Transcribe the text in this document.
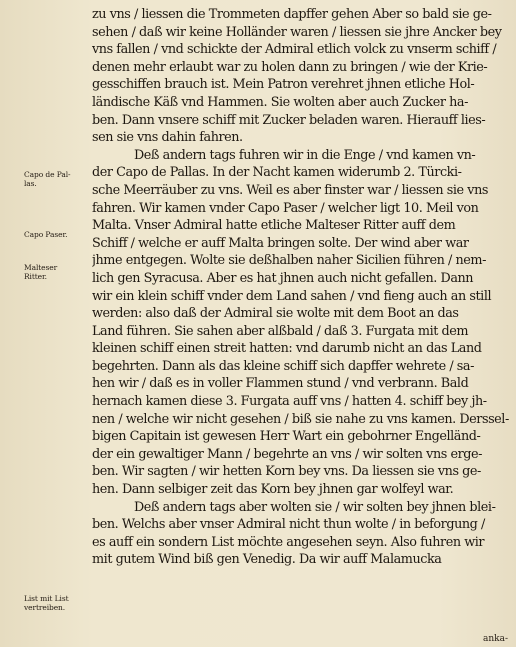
Capo de Pal-
las.
Capo Paser.
Malteser
Ritter.
List mit List
vertreiben.
zu vns / liessen die Trommeten dapffer gehen Aber so bald sie ge-
sehen / daß wir keine Holländer waren / liessen sie jhre Ancker bey
vns fallen / vnd schickte der Admiral etlich volck zu vnserm schiff /
denen mehr erlaubt war zu holen dann zu bringen / wie der Krie-
gesschiffen brauch ist. Mein Patron verehret jhnen etliche Hol-
ländische Käß vnd Hammen. Sie wolten aber auch Zucker ha-
ben. Dann vnsere schiff mit Zucker beladen waren. Hierauff lies-
sen sie vns dahin fahren.
Deß andern tags fuhren wir in die Enge / vnd kamen vn-
der Capo de Pallas. In der Nacht kamen widerumb 2. Türcki-
sche Meerräuber zu vns. Weil es aber finster war / liessen sie vns
fahren. Wir kamen vnder Capo Paser / welcher ligt 10. Meil von
Malta. Vnser Admiral hatte etliche Malteser Ritter auff dem
Schiff / welche er auff Malta bringen solte. Der wind aber war
jhme entgegen. Wolte sie deßhalben naher Sicilien führen / nem-
lich gen Syracusa. Aber es hat jhnen auch nicht gefallen. Dann
wir ein klein schiff vnder dem Land sahen / vnd fieng auch an still
werden: also daß der Admiral sie wolte mit dem Boot an das
Land führen. Sie sahen aber alßbald / daß 3. Furgata mit dem
kleinen schiff einen streit hatten: vnd darumb nicht an das Land
begehrten. Dann als das kleine schiff sich dapffer wehrete / sa-
hen wir / daß es in voller Flammen stund / vnd verbrann. Bald
hernach kamen diese 3. Furgata auff vns / hatten 4. schiff bey jh-
nen / welche wir nicht gesehen / biß sie nahe zu vns kamen. Derssel-
bigen Capitain ist gewesen Herr Wart ein gebohrner Engelländ-
der ein gewaltiger Mann / begehrte an vns / wir solten vns erge-
ben. Wir sagten / wir hetten Korn bey vns. Da liessen sie vns ge-
hen. Dann selbiger zeit das Korn bey jhnen gar wolfeyl war.
Deß andern tags aber wolten sie / wir solten bey jhnen blei-
ben. Welchs aber vnser Admiral nicht thun wolte / in beforgung /
es auff ein sondern List möchte angesehen seyn. Also fuhren wir
mit gutem Wind biß gen Venedig. Da wir auff Malamucka
anka-
